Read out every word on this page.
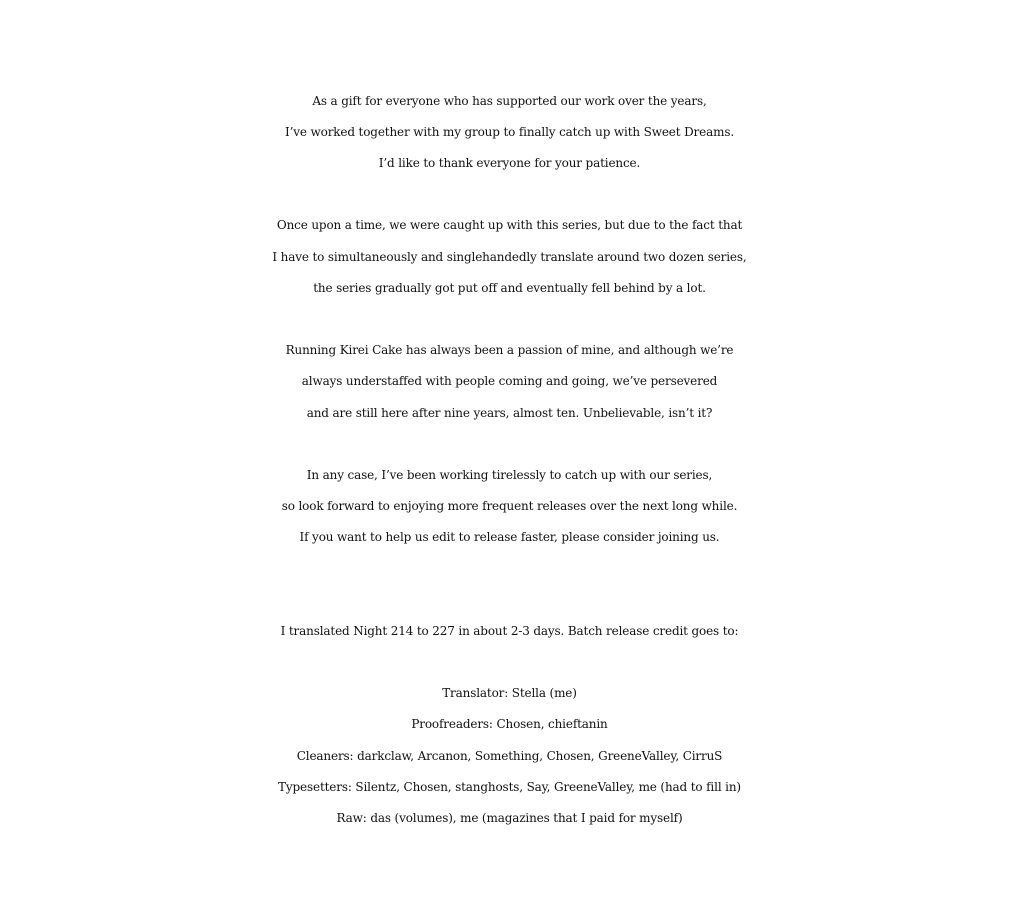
As a gift for everyone who has supported our work over the years,
I’ve worked together with my group to finally catch up with Sweet Dreams.
I’d like to thank everyone for your patience.
Once upon a time, we were caught up with this series, but due to the fact that
I have to simultaneously and singlehandedly translate around two dozen series,
the series gradually got put off and eventually fell behind by a lot.
Running Kirei Cake has always been a passion of mine, and although we’re
always understaffed with people coming and going, we’ve persevered
and are still here after nine years, almost ten. Unbelievable, isn’t it?
In any case, I’ve been working tirelessly to catch up with our series,
so look forward to enjoying more frequent releases over the next long while.
If you want to help us edit to release faster, please consider joining us.
I translated Night 214 to 227 in about 2-3 days. Batch release credit goes to:
Translator: Stella (me)
Proofreaders: Chosen, chieftanin
Cleaners: darkclaw, Arcanon, Something, Chosen, GreeneValley, CirruS
Typesetters: Silentz, Chosen, stanghosts, Say, GreeneValley, me (had to fill in)
Raw: das (volumes), me (magazines that I paid for myself)
